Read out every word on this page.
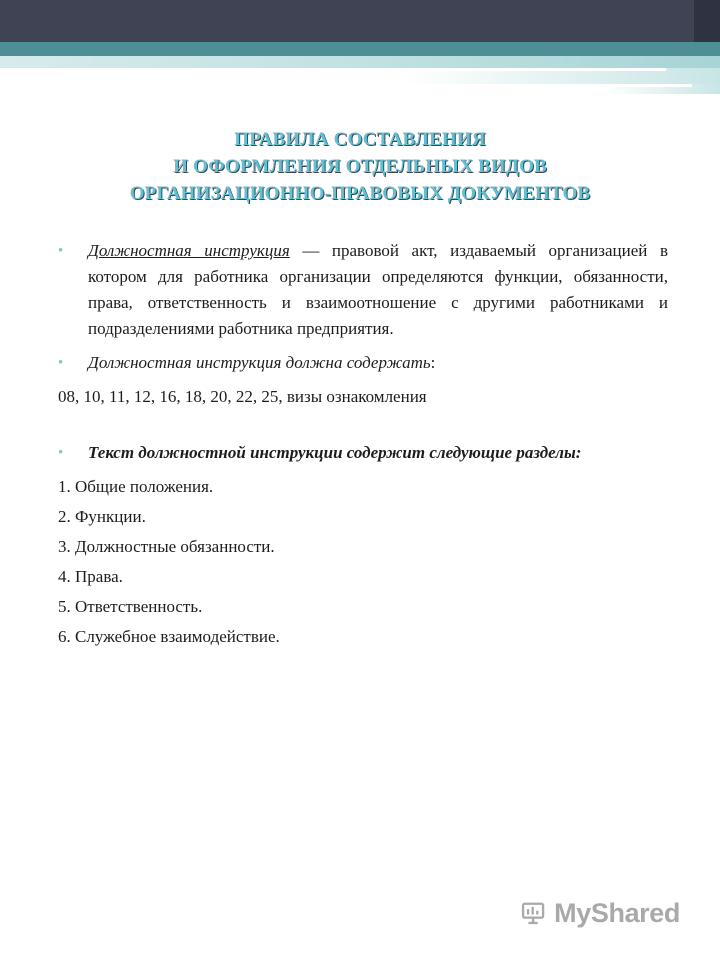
ПРАВИЛА СОСТАВЛЕНИЯ
И ОФОРМЛЕНИЯ ОТДЕЛЬНЫХ ВИДОВ
ОРГАНИЗАЦИОННО-ПРАВОВЫХ ДОКУМЕНТОВ
•	Должностная инструкция — правовой акт, издаваемый организацией в котором для работника организации определяются функции, обязанности, права, ответственность и взаимоотношение с другими работниками и подразделениями работника предприятия.
•	Должностная инструкция должна содержать:
08, 10, 11, 12, 16, 18, 20, 22, 25, визы ознакомления
•	Текст должностной инструкции содержит следующие разделы:
1. Общие положения.
2. Функции.
3. Должностные обязанности.
4. Права.
5. Ответственность.
6. Служебное взаимодействие.
MyShared
